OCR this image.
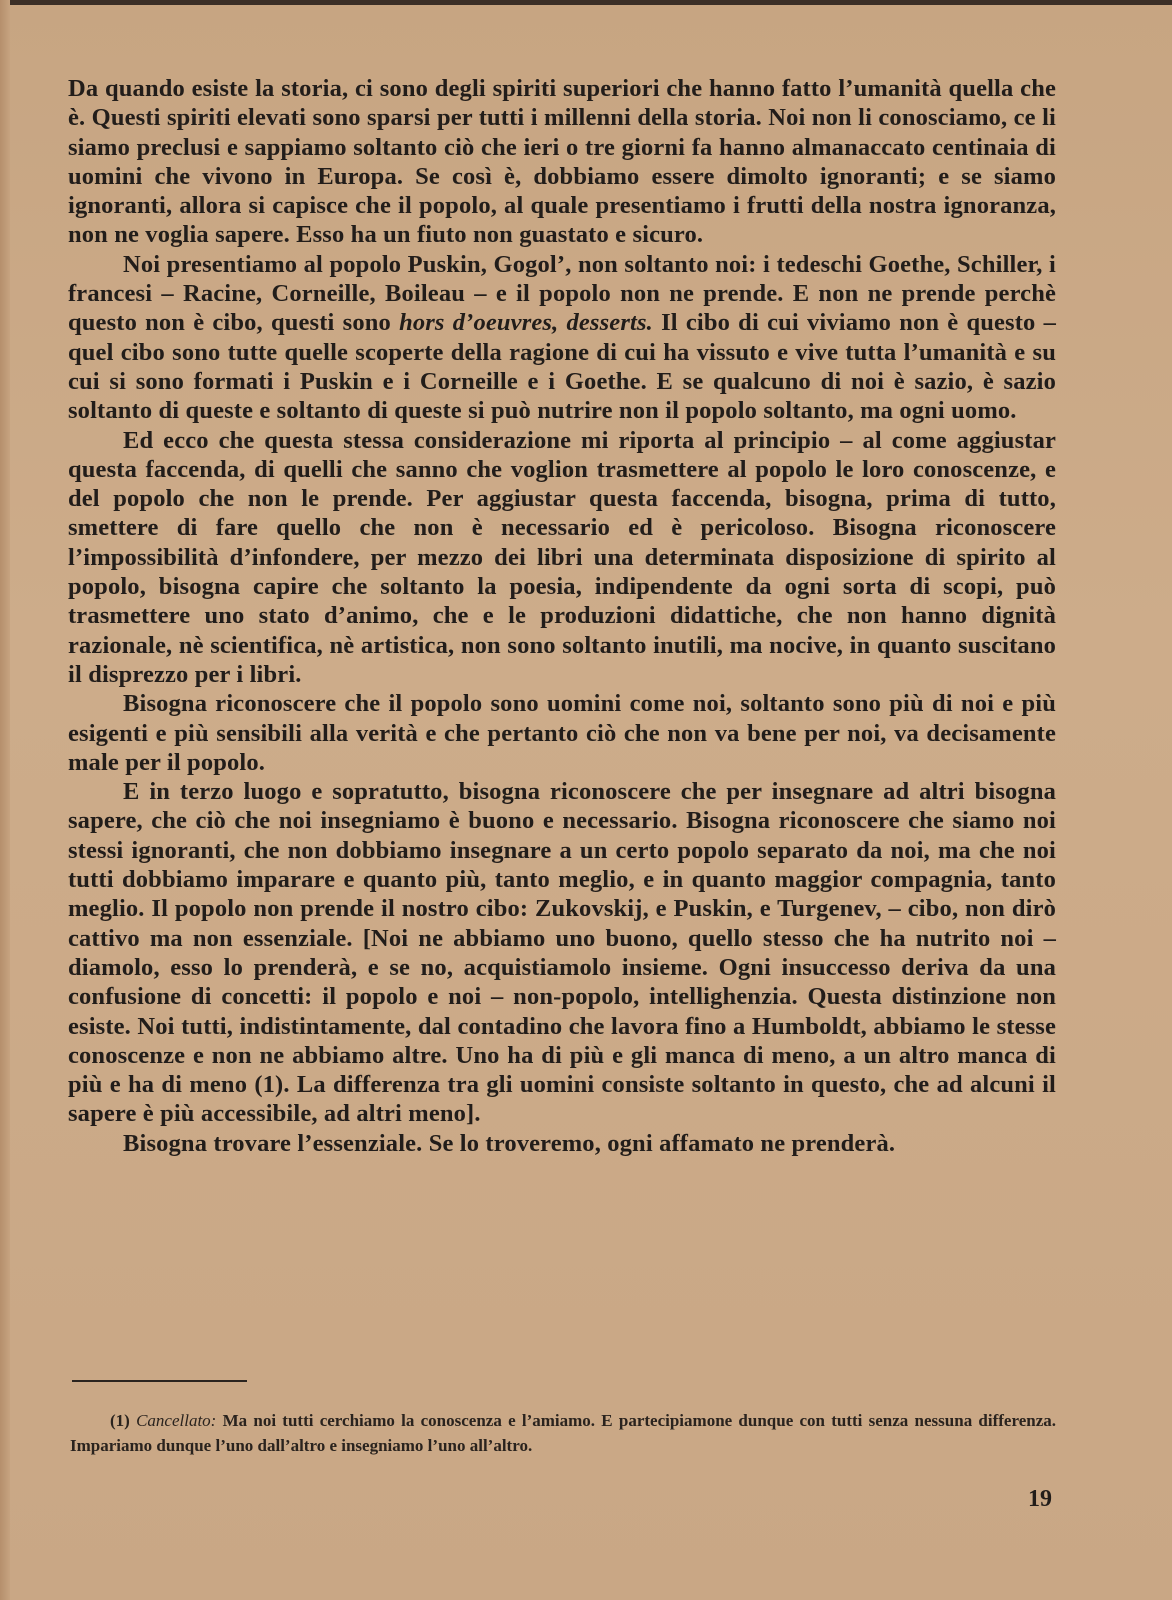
Da quando esiste la storia, ci sono degli spiriti superiori che hanno fatto l’umanità quella che è. Questi spiriti elevati sono sparsi per tutti i millenni della storia. Noi non li conosciamo, ce li siamo preclusi e sappiamo soltanto ciò che ieri o tre giorni fa hanno almanaccato centinaia di uomini che vivono in Europa. Se così è, dobbiamo essere dimolto ignoranti; e se siamo ignoranti, allora si capisce che il popolo, al quale presentiamo i frutti della nostra ignoranza, non ne voglia sapere. Esso ha un fiuto non guastato e sicuro.

Noi presentiamo al popolo Puskin, Gogol’, non soltanto noi: i tedeschi Goethe, Schiller, i francesi – Racine, Corneille, Boileau – e il popolo non ne prende. E non ne prende perchè questo non è cibo, questi sono hors d’oeuvres, desserts. Il cibo di cui viviamo non è questo – quel cibo sono tutte quelle scoperte della ragione di cui ha vissuto e vive tutta l’umanità e su cui si sono formati i Puskin e i Corneille e i Goethe. E se qualcuno di noi è sazio, è sazio soltanto di queste e soltanto di queste si può nutrire non il popolo soltanto, ma ogni uomo.

Ed ecco che questa stessa considerazione mi riporta al principio – al come aggiustar questa faccenda, di quelli che sanno che voglion trasmettere al popolo le loro conoscenze, e del popolo che non le prende. Per aggiustar questa faccenda, bisogna, prima di tutto, smettere di fare quello che non è necessario ed è pericoloso. Bisogna riconoscere l’impossibilità d’infondere, per mezzo dei libri una determinata disposizione di spirito al popolo, bisogna capire che soltanto la poesia, indipendente da ogni sorta di scopi, può trasmettere uno stato d’animo, che e le produzioni didattiche, che non hanno dignità razionale, nè scientifica, nè artistica, non sono soltanto inutili, ma nocive, in quanto suscitano il disprezzo per i libri.

Bisogna riconoscere che il popolo sono uomini come noi, soltanto sono più di noi e più esigenti e più sensibili alla verità e che pertanto ciò che non va bene per noi, va decisamente male per il popolo.

E in terzo luogo e sopratutto, bisogna riconoscere che per insegnare ad altri bisogna sapere, che ciò che noi insegniamo è buono e necessario. Bisogna riconoscere che siamo noi stessi ignoranti, che non dobbiamo insegnare a un certo popolo separato da noi, ma che noi tutti dobbiamo imparare e quanto più, tanto meglio, e in quanto maggior compagnia, tanto meglio. Il popolo non prende il nostro cibo: Zukovskij, e Puskin, e Turgenev, – cibo, non dirò cattivo ma non essenziale. [Noi ne abbiamo uno buono, quello stesso che ha nutrito noi – diamolo, esso lo prenderà, e se no, acquistiamolo insieme. Ogni insuccesso deriva da una confusione di concetti: il popolo e noi – non-popolo, intellighenzia. Questa distinzione non esiste. Noi tutti, indistintamente, dal contadino che lavora fino a Humboldt, abbiamo le stesse conoscenze e non ne abbiamo altre. Uno ha di più e gli manca di meno, a un altro manca di più e ha di meno (1). La differenza tra gli uomini consiste soltanto in questo, che ad alcuni il sapere è più accessibile, ad altri meno].

Bisogna trovare l’essenziale. Se lo troveremo, ogni affamato ne prenderà.

(1) Cancellato: Ma noi tutti cerchiamo la conoscenza e l’amiamo. E partecipiamone dunque con tutti senza nessuna differenza. Impariamo dunque l’uno dall’altro e insegniamo l’uno all’altro.
19
